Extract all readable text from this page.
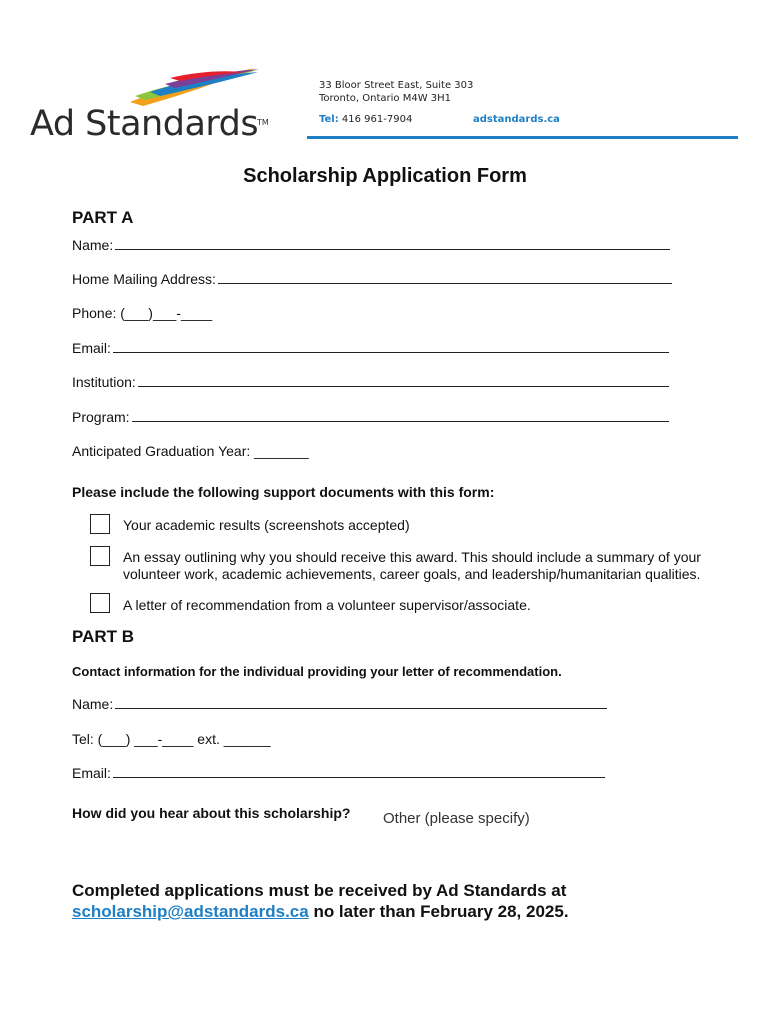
Ad Standards
TM
33 Bloor Street East, Suite 303
Toronto, Ontario M4W 3H1
Tel: 416 961-7904	adstandards.ca
Scholarship Application Form
PART A
Name:
Home Mailing Address:
Phone: (___)___-____
Email:
Institution:
Program:
Anticipated Graduation Year: _______
Please include the following support documents with this form:
Your academic results (screenshots accepted)
An essay outlining why you should receive this award. This should include a summary of your volunteer work, academic achievements, career goals, and leadership/humanitarian qualities.
A letter of recommendation from a volunteer supervisor/associate.
PART B
Contact information for the individual providing your letter of recommendation.
Name:
Tel: (___) ___-____ ext. ______
Email:
How did you hear about this scholarship? Other (please specify)
Completed applications must be received by Ad Standards at scholarship@adstandards.ca no later than February 28, 2025.
